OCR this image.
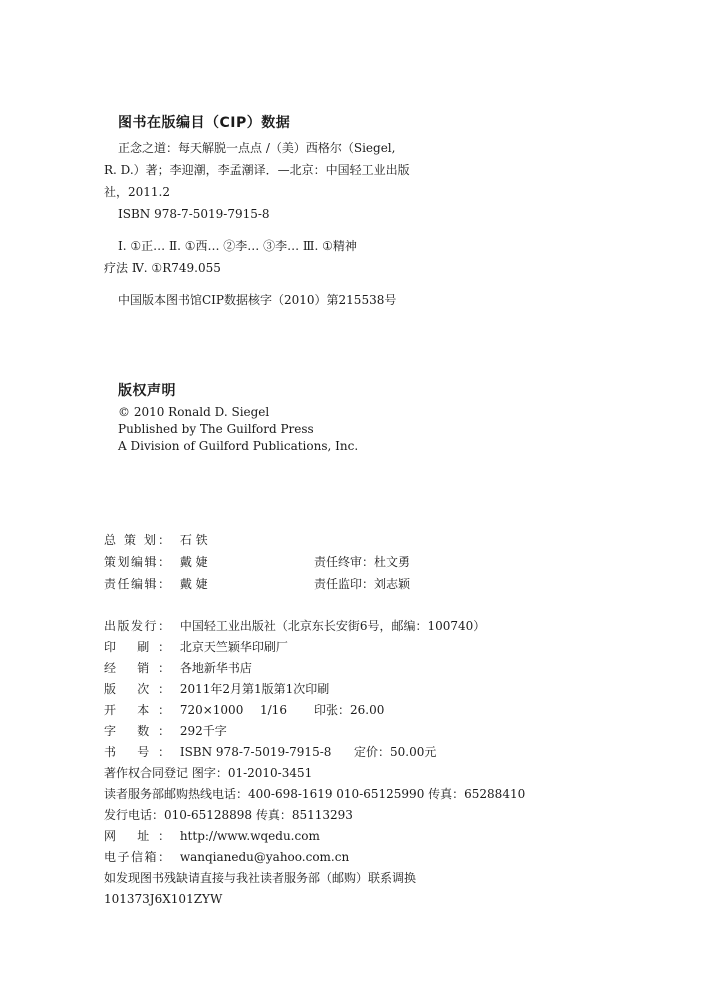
图书在版编目（CIP）数据
正念之道：每天解脱一点点 /（美）西格尔（Siegel,
R. D.）著；李迎潮，李孟潮译．—北京：中国轻工业出版
社，2011.2
ISBN 978-7-5019-7915-8
Ⅰ. ①正… Ⅱ. ①西… ②李… ③李… Ⅲ. ①精神
疗法 Ⅳ. ①R749.055
中国版本图书馆CIP数据核字（2010）第215538号
版权声明
© 2010 Ronald D. Siegel
Published by The Guilford Press
A Division of Guilford Publications, Inc.
总 策 划： 石 铁
策划编辑： 戴 婕	责任终审：杜文勇
责任编辑： 戴 婕	责任监印：刘志颖
出版发行： 中国轻工业出版社（北京东长安街6号，邮编：100740）
印 刷： 北京天竺颖华印刷厂
经 销： 各地新华书店
版 次： 2011年2月第1版第1次印刷
开 本： 720×1000 1/16 印张：26.00
字 数： 292千字
书 号： ISBN 978-7-5019-7915-8 定价：50.00元
著作权合同登记 图字：01-2010-3451
读者服务部邮购热线电话：400-698-1619 010-65125990 传真：65288410
发行电话：010-65128898 传真：85113293
网 址： http://www.wqedu.com
电子信箱： wanqianedu@yahoo.com.cn
如发现图书残缺请直接与我社读者服务部（邮购）联系调换
101373J6X101ZYW
